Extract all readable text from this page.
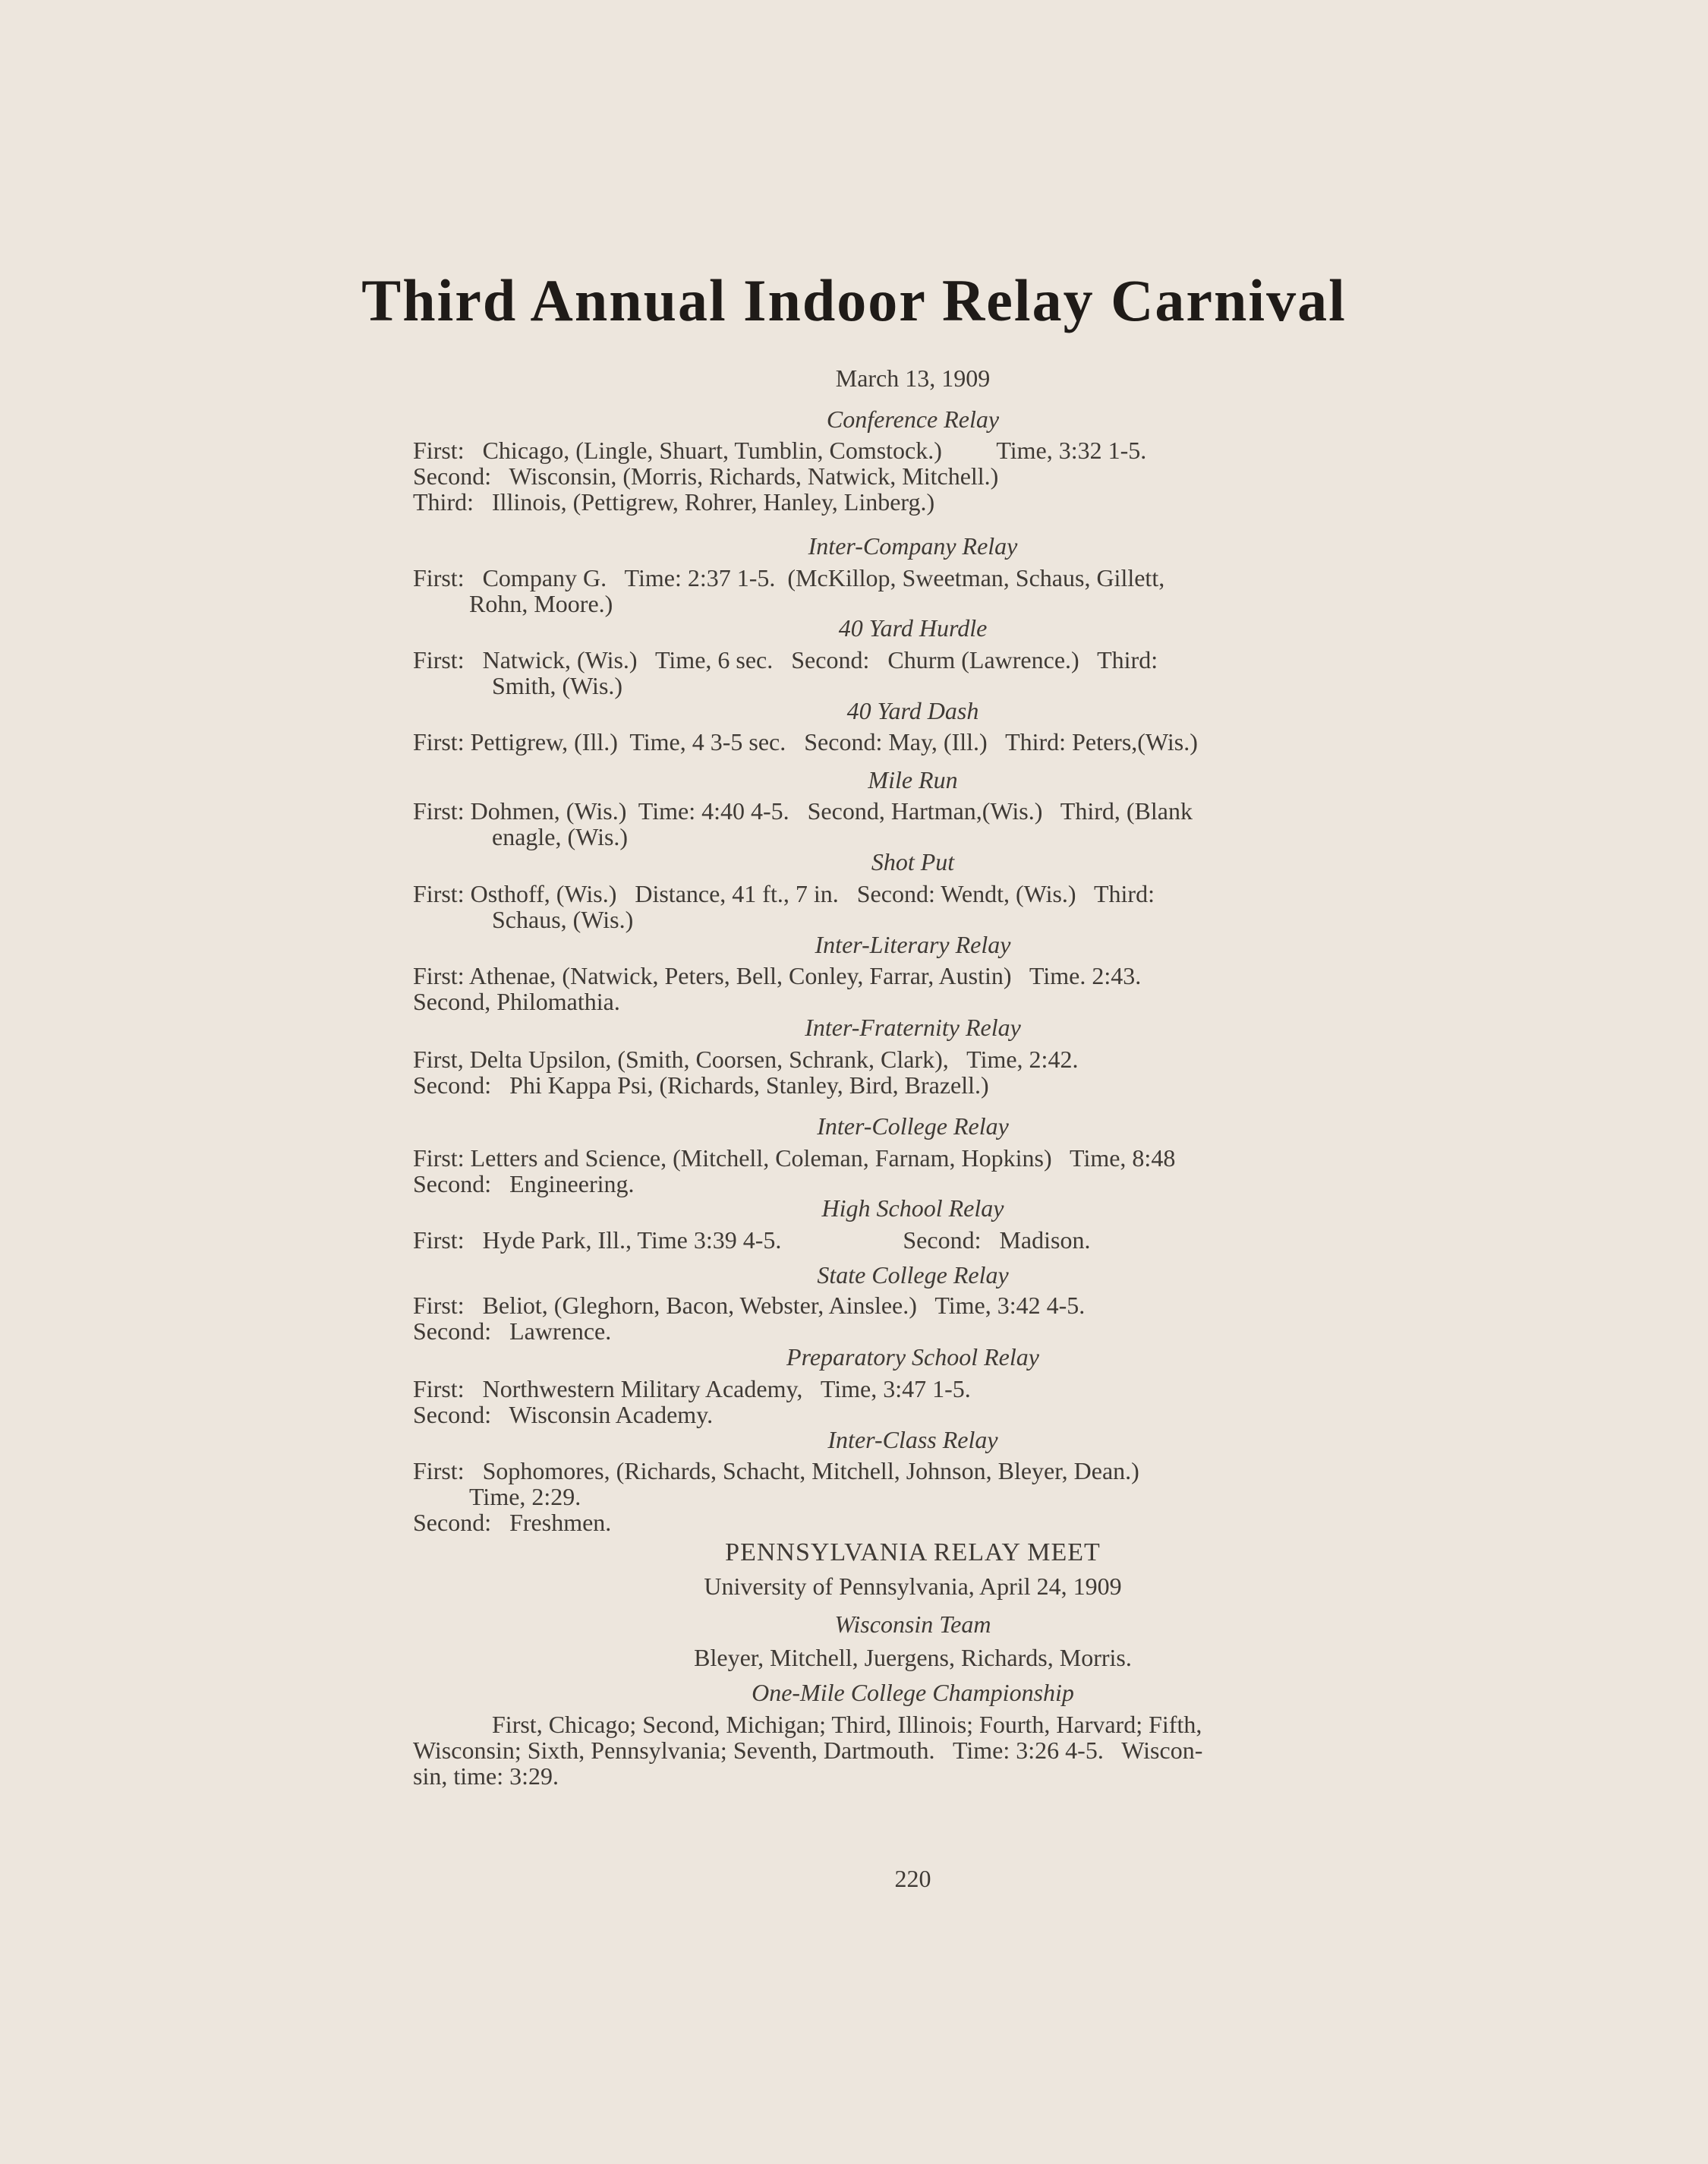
Third Annual Indoor Relay Carnival
March 13, 1909
Conference Relay
First:   Chicago, (Lingle, Shuart, Tumblin, Comstock.)         Time, 3:32 1-5.
Second:   Wisconsin, (Morris, Richards, Natwick, Mitchell.)
Third:   Illinois, (Pettigrew, Rohrer, Hanley, Linberg.)
Inter-Company Relay
First:   Company G.   Time: 2:37 1-5.  (McKillop, Sweetman, Schaus, Gillett,
Rohn, Moore.)
40 Yard Hurdle
First:   Natwick, (Wis.)   Time, 6 sec.   Second:   Churm (Lawrence.)   Third:
Smith, (Wis.)
40 Yard Dash
First: Pettigrew, (Ill.)  Time, 4 3-5 sec.   Second: May, (Ill.)   Third: Peters,(Wis.)
Mile Run
First: Dohmen, (Wis.)  Time: 4:40 4-5.   Second, Hartman,(Wis.)   Third, (Blank
enagle, (Wis.)
Shot Put
First: Osthoff, (Wis.)   Distance, 41 ft., 7 in.   Second: Wendt, (Wis.)   Third:
Schaus, (Wis.)
Inter-Literary Relay
First: Athenae, (Natwick, Peters, Bell, Conley, Farrar, Austin)   Time. 2:43.
Second, Philomathia.
Inter-Fraternity Relay
First, Delta Upsilon, (Smith, Coorsen, Schrank, Clark),   Time, 2:42.
Second:   Phi Kappa Psi, (Richards, Stanley, Bird, Brazell.)
Inter-College Relay
First: Letters and Science, (Mitchell, Coleman, Farnam, Hopkins)   Time, 8:48
Second:   Engineering.
High School Relay
First:   Hyde Park, Ill., Time 3:39 4-5.                    Second:   Madison.
State College Relay
First:   Beliot, (Gleghorn, Bacon, Webster, Ainslee.)   Time, 3:42 4-5.
Second:   Lawrence.
Preparatory School Relay
First:   Northwestern Military Academy,   Time, 3:47 1-5.
Second:   Wisconsin Academy.
Inter-Class Relay
First:   Sophomores, (Richards, Schacht, Mitchell, Johnson, Bleyer, Dean.)
Time, 2:29.
Second:   Freshmen.
PENNSYLVANIA RELAY MEET
University of Pennsylvania, April 24, 1909
Wisconsin Team
Bleyer, Mitchell, Juergens, Richards, Morris.
One-Mile College Championship
First, Chicago; Second, Michigan; Third, Illinois; Fourth, Harvard; Fifth,
Wisconsin; Sixth, Pennsylvania; Seventh, Dartmouth.   Time: 3:26 4-5.   Wiscon-
sin, time: 3:29.
220
